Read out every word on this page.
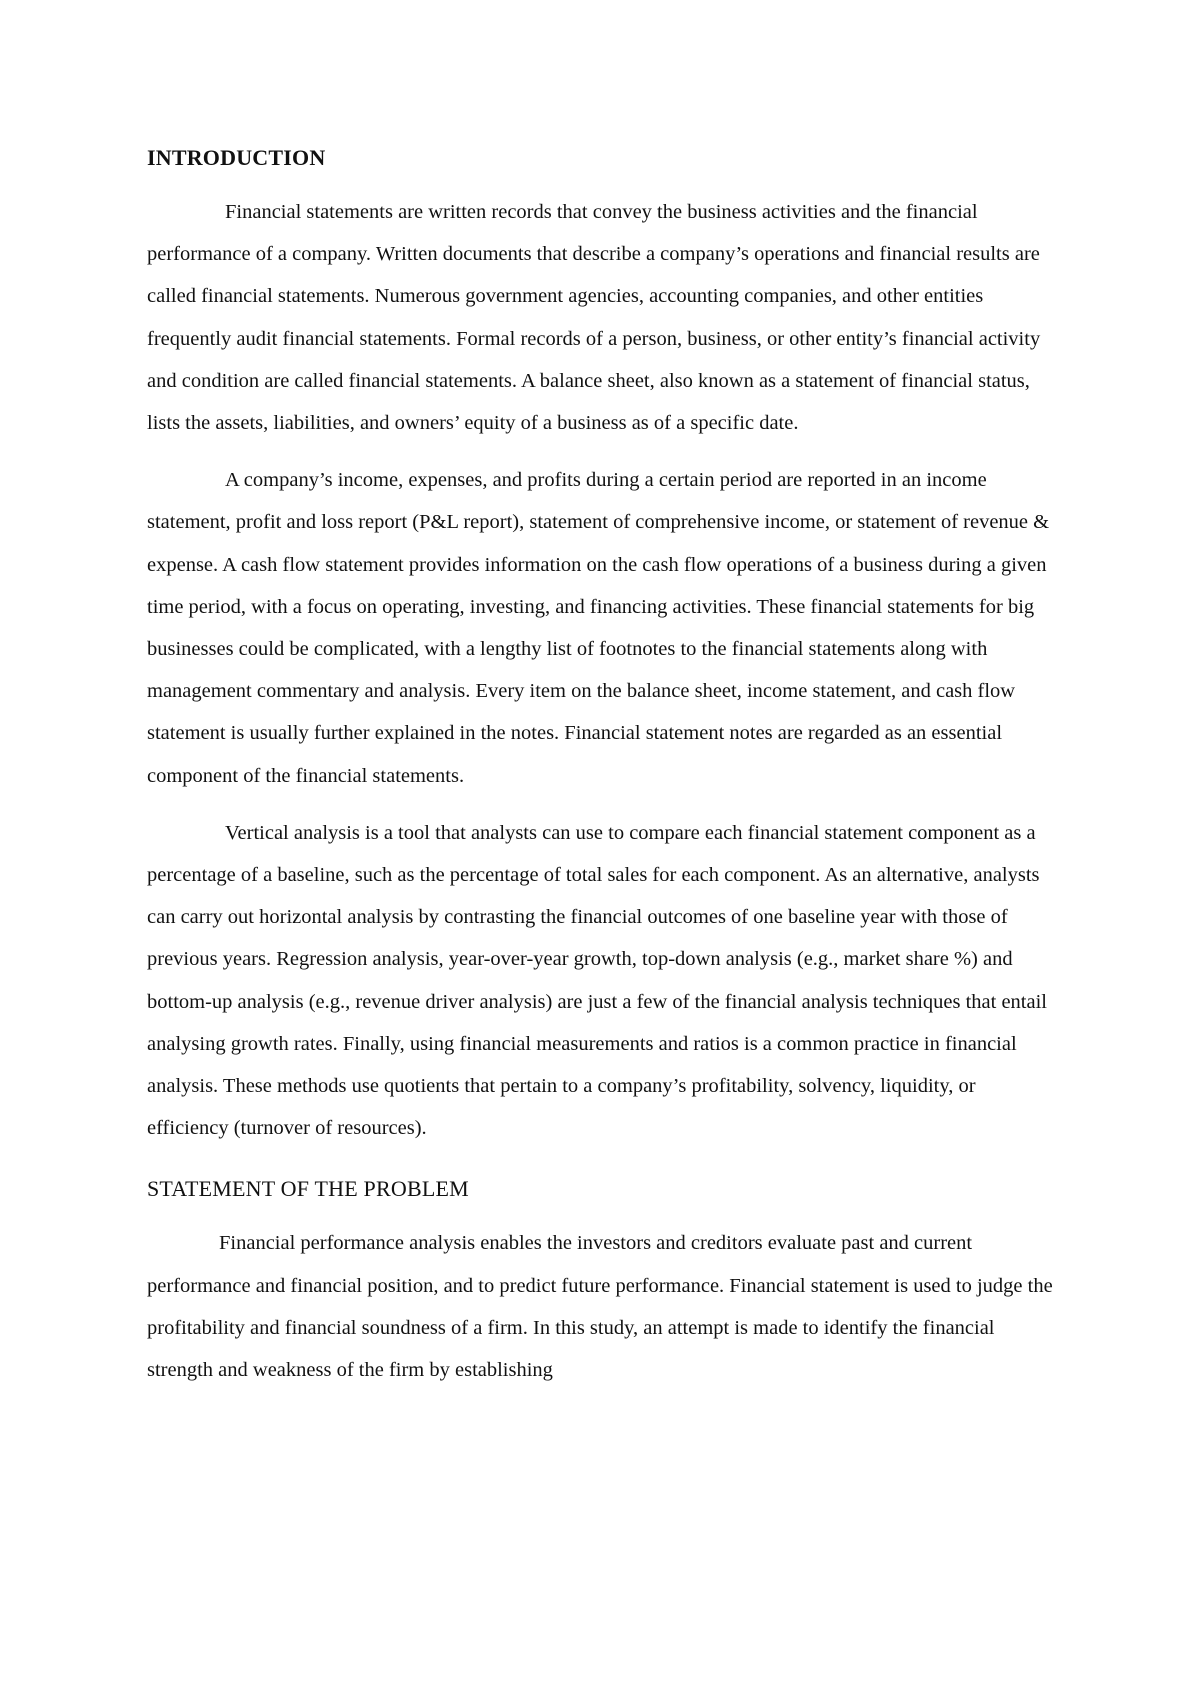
INTRODUCTION

Financial statements are written records that convey the business activities and the financial performance of a company. Written documents that describe a company’s operations and financial results are called financial statements. Numerous government agencies, accounting companies, and other entities frequently audit financial statements. Formal records of a person, business, or other entity’s financial activity and condition are called financial statements. A balance sheet, also known as a statement of financial status, lists the assets, liabilities, and owners’ equity of a business as of a specific date.

A company’s income, expenses, and profits during a certain period are reported in an income statement, profit and loss report (P&L report), statement of comprehensive income, or statement of revenue & expense. A cash flow statement provides information on the cash flow operations of a business during a given time period, with a focus on operating, investing, and financing activities. These financial statements for big businesses could be complicated, with a lengthy list of footnotes to the financial statements along with management commentary and analysis. Every item on the balance sheet, income statement, and cash flow statement is usually further explained in the notes. Financial statement notes are regarded as an essential component of the financial statements.

Vertical analysis is a tool that analysts can use to compare each financial statement component as a percentage of a baseline, such as the percentage of total sales for each component. As an alternative, analysts can carry out horizontal analysis by contrasting the financial outcomes of one baseline year with those of previous years. Regression analysis, year-over-year growth, top-down analysis (e.g., market share %) and bottom-up analysis (e.g., revenue driver analysis) are just a few of the financial analysis techniques that entail analysing growth rates. Finally, using financial measurements and ratios is a common practice in financial analysis. These methods use quotients that pertain to a company’s profitability, solvency, liquidity, or efficiency (turnover of resources).

STATEMENT OF THE PROBLEM

Financial performance analysis enables the investors and creditors evaluate past and current performance and financial position, and to predict future performance. Financial statement is used to judge the profitability and financial soundness of a firm. In this study, an attempt is made to identify the financial strength and weakness of the firm by establishing
